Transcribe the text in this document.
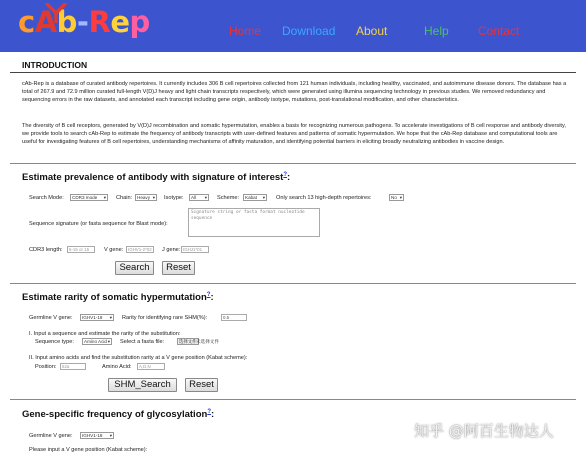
cAb-Rep	Home Download About	Help Contact
INTRODUCTION
cAb-Rep is a database of curated antibody repertoires. It currently includes 306 B cell repertoires collected from 121 human individuals, including healthy, vaccinated, and autoimmune disease donors. The database has a total of 267.9 and 72.9 million curated full-length V(D)J heavy and light chain transcripts respectively, which were generated using illumina sequencing technology in previous studies. We removed redundancy and sequencing errors in the raw datasets, and annotated each transcript including gene origin, antibody isotype, mutations, post-translational modification, and other characteristics.
The diversity of B cell receptors, generated by V(D)J recombination and somatic hypermutation, enables a basis for recognizing numerous pathogens. To accelerate investigations of B cell response and antibody diversity, we provide tools to search cAb-Rep to estimate the frequency of antibody transcripts with user-defined features and patterns of somatic hypermutation. We hope that the cAb-Rep database and computational tools are useful for investigating features of B cell repertoires, understanding mechanisms of affinity maturation, and identifying potential barriers in eliciting broadly neutralizing antibodies in vaccine design.
Estimate prevalence of antibody with signature of interest?:
Search Mode:	CDR3 mode ▾	Chain:	Heavy ▾	Isotype:	All ▾	Scheme:	Kabat ▾	Only search 13 high-depth repertoires:	No ▾
Sequence signature (or fasta sequence for Blast mode):
Signature string or fasta format nucleotide sequence
CDR3 length:	5-15 or 15	V gene:	IGHV1-2*02	J gene: IGHJ1*01
Search	Reset
Estimate rarity of somatic hypermutation?:
Germline V gene:	IGHV1-18 ▾	Rarity for identifying rare SHM(%):	0.5
I. Input a sequence and estimate the rarity of the substitution:
Sequence type:	Amino Acid ▾	Select a fasta file:	选择文件 未选择文件
II. Input amino acids and find the substitution rarity at a V gene position (Kabat scheme):
Position:	52a	Amino Acid:	A,D,N
SHM_Search	Reset
Gene-specific frequency of glycosylation?:
Germline V gene:	IGHV1-18 ▾
Please input a V gene position (Kabat scheme):
知乎 @阿百生物达人
